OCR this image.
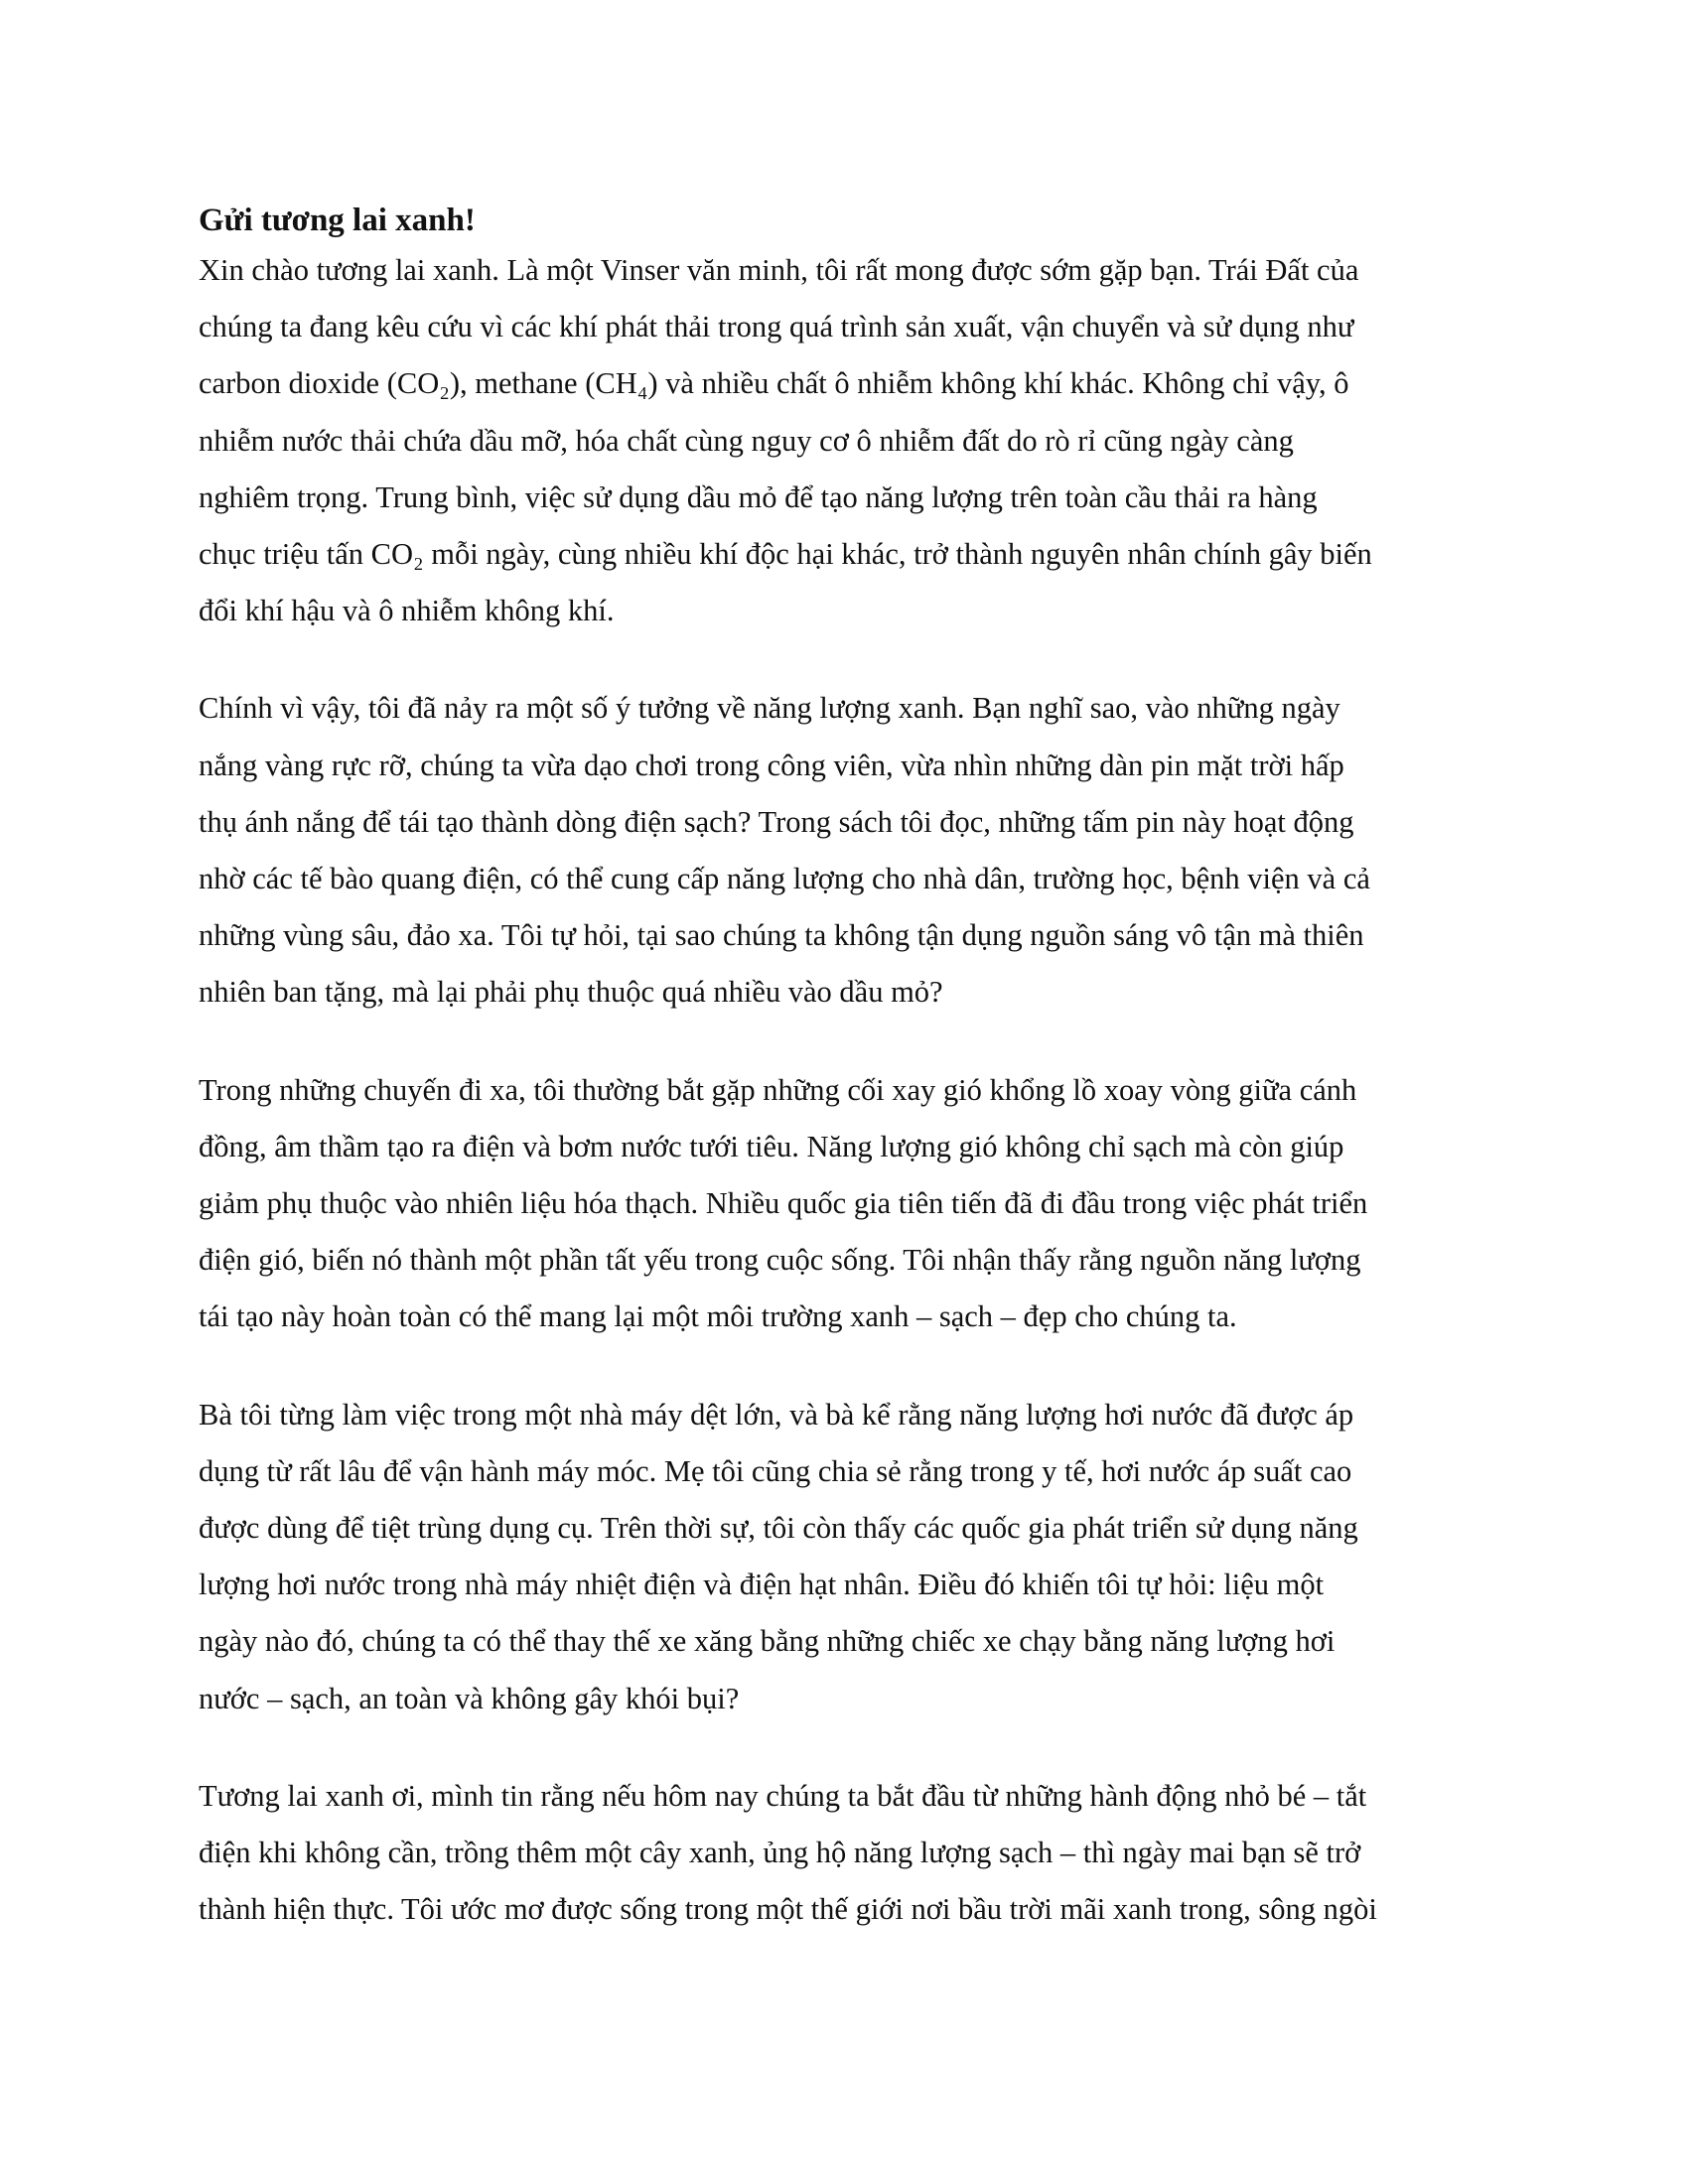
Gửi tương lai xanh!
Xin chào tương lai xanh. Là một Vinser văn minh, tôi rất mong được sớm gặp bạn. Trái Đất của
chúng ta đang kêu cứu vì các khí phát thải trong quá trình sản xuất, vận chuyển và sử dụng như
carbon dioxide (CO₂), methane (CH₄) và nhiều chất ô nhiễm không khí khác. Không chỉ vậy, ô
nhiễm nước thải chứa dầu mỡ, hóa chất cùng nguy cơ ô nhiễm đất do rò rỉ cũng ngày càng
nghiêm trọng. Trung bình, việc sử dụng dầu mỏ để tạo năng lượng trên toàn cầu thải ra hàng
chục triệu tấn CO₂ mỗi ngày, cùng nhiều khí độc hại khác, trở thành nguyên nhân chính gây biến
đổi khí hậu và ô nhiễm không khí.
Chính vì vậy, tôi đã nảy ra một số ý tưởng về năng lượng xanh. Bạn nghĩ sao, vào những ngày
nắng vàng rực rỡ, chúng ta vừa dạo chơi trong công viên, vừa nhìn những dàn pin mặt trời hấp
thụ ánh nắng để tái tạo thành dòng điện sạch? Trong sách tôi đọc, những tấm pin này hoạt động
nhờ các tế bào quang điện, có thể cung cấp năng lượng cho nhà dân, trường học, bệnh viện và cả
những vùng sâu, đảo xa. Tôi tự hỏi, tại sao chúng ta không tận dụng nguồn sáng vô tận mà thiên
nhiên ban tặng, mà lại phải phụ thuộc quá nhiều vào dầu mỏ?
Trong những chuyến đi xa, tôi thường bắt gặp những cối xay gió khổng lồ xoay vòng giữa cánh
đồng, âm thầm tạo ra điện và bơm nước tưới tiêu. Năng lượng gió không chỉ sạch mà còn giúp
giảm phụ thuộc vào nhiên liệu hóa thạch. Nhiều quốc gia tiên tiến đã đi đầu trong việc phát triển
điện gió, biến nó thành một phần tất yếu trong cuộc sống. Tôi nhận thấy rằng nguồn năng lượng
tái tạo này hoàn toàn có thể mang lại một môi trường xanh – sạch – đẹp cho chúng ta.
Bà tôi từng làm việc trong một nhà máy dệt lớn, và bà kể rằng năng lượng hơi nước đã được áp
dụng từ rất lâu để vận hành máy móc. Mẹ tôi cũng chia sẻ rằng trong y tế, hơi nước áp suất cao
được dùng để tiệt trùng dụng cụ. Trên thời sự, tôi còn thấy các quốc gia phát triển sử dụng năng
lượng hơi nước trong nhà máy nhiệt điện và điện hạt nhân. Điều đó khiến tôi tự hỏi: liệu một
ngày nào đó, chúng ta có thể thay thế xe xăng bằng những chiếc xe chạy bằng năng lượng hơi
nước – sạch, an toàn và không gây khói bụi?
Tương lai xanh ơi, mình tin rằng nếu hôm nay chúng ta bắt đầu từ những hành động nhỏ bé – tắt
điện khi không cần, trồng thêm một cây xanh, ủng hộ năng lượng sạch – thì ngày mai bạn sẽ trở
thành hiện thực. Tôi ước mơ được sống trong một thế giới nơi bầu trời mãi xanh trong, sông ngòi
